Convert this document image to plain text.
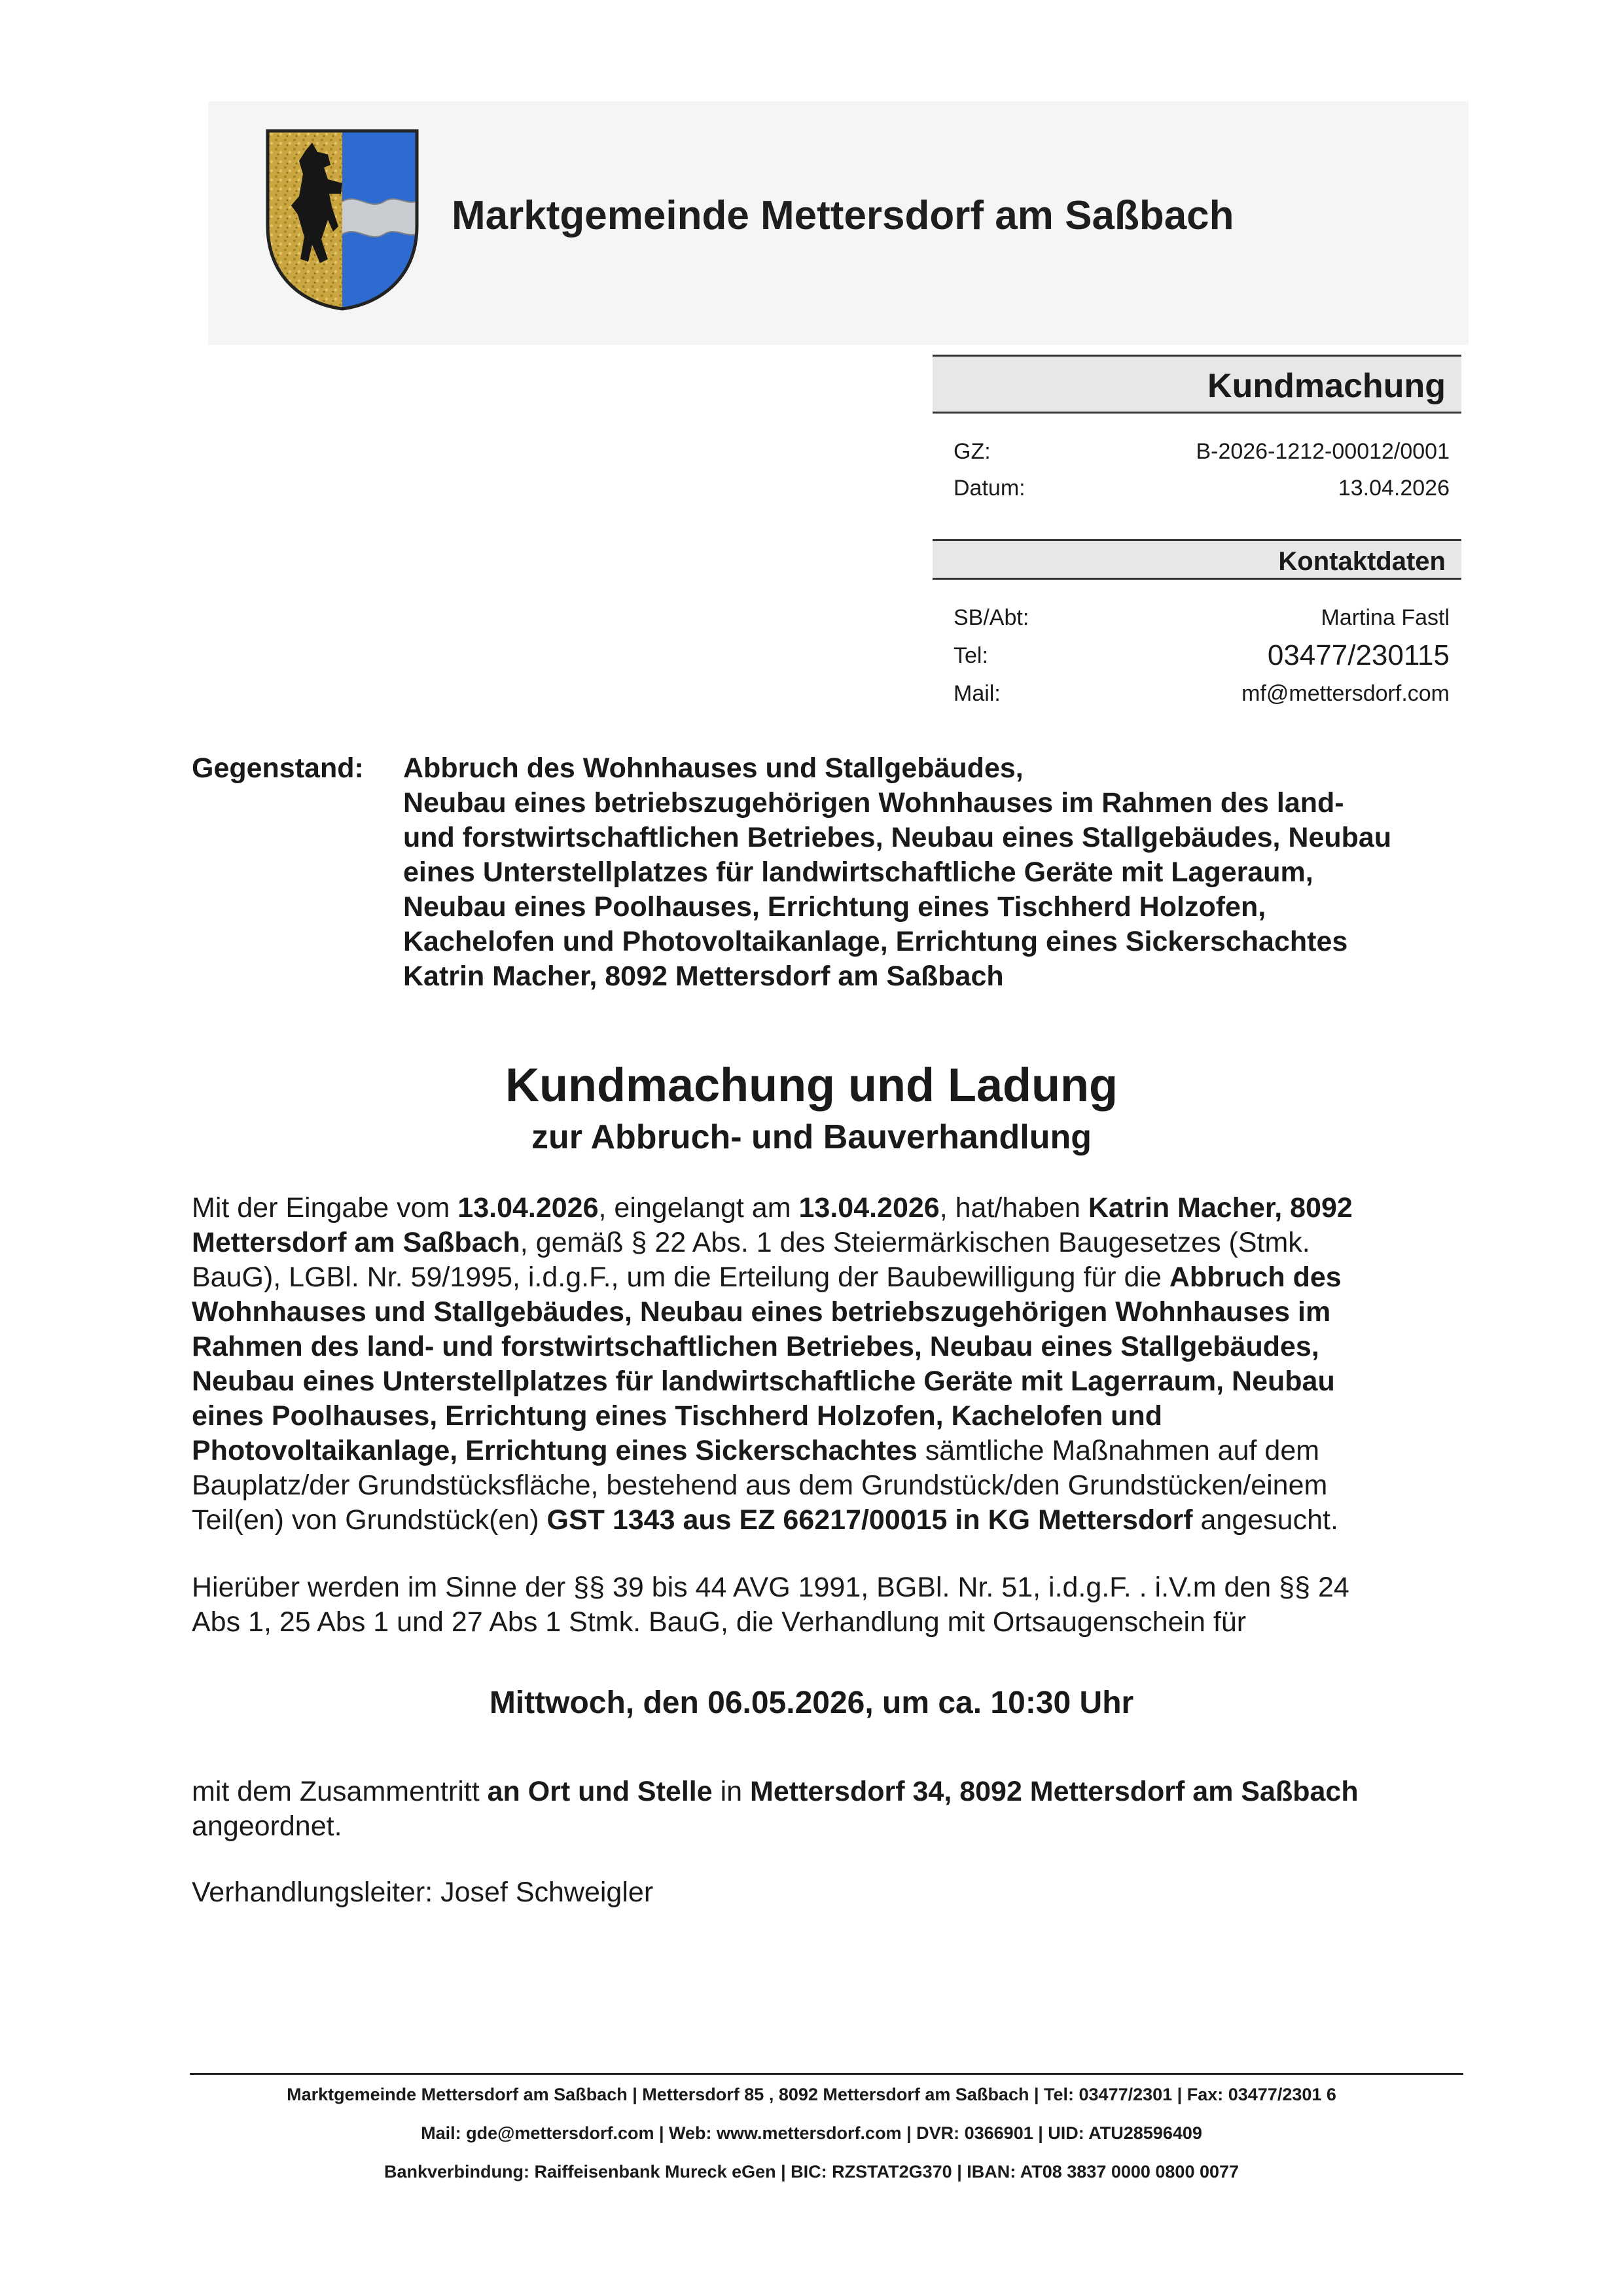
Marktgemeinde Mettersdorf am Saßbach
Kundmachung
GZ:	B-2026-1212-00012/0001
Datum:	13.04.2026
Kontaktdaten
SB/Abt:	Martina Fastl
Tel:	03477/230115
Mail:	mf@mettersdorf.com
Gegenstand: Abbruch des Wohnhauses und Stallgebäudes,
Neubau eines betriebszugehörigen Wohnhauses im Rahmen des land-
und forstwirtschaftlichen Betriebes, Neubau eines Stallgebäudes, Neubau
eines Unterstellplatzes für landwirtschaftliche Geräte mit Lageraum,
Neubau eines Poolhauses, Errichtung eines Tischherd Holzofen,
Kachelofen und Photovoltaikanlage, Errichtung eines Sickerschachtes
Katrin Macher, 8092 Mettersdorf am Saßbach
Kundmachung und Ladung
zur Abbruch- und Bauverhandlung
Mit der Eingabe vom 13.04.2026, eingelangt am 13.04.2026, hat/haben Katrin Macher, 8092
Mettersdorf am Saßbach, gemäß § 22 Abs. 1 des Steiermärkischen Baugesetzes (Stmk.
BauG), LGBl. Nr. 59/1995, i.d.g.F., um die Erteilung der Baubewilligung für die Abbruch des
Wohnhauses und Stallgebäudes, Neubau eines betriebszugehörigen Wohnhauses im
Rahmen des land- und forstwirtschaftlichen Betriebes, Neubau eines Stallgebäudes,
Neubau eines Unterstellplatzes für landwirtschaftliche Geräte mit Lagerraum, Neubau
eines Poolhauses, Errichtung eines Tischherd Holzofen, Kachelofen und
Photovoltaikanlage, Errichtung eines Sickerschachtes sämtliche Maßnahmen auf dem
Bauplatz/der Grundstücksfläche, bestehend aus dem Grundstück/den Grundstücken/einem
Teil(en) von Grundstück(en) GST 1343 aus EZ 66217/00015 in KG Mettersdorf angesucht.
Hierüber werden im Sinne der §§ 39 bis 44 AVG 1991, BGBl. Nr. 51, i.d.g.F. . i.V.m den §§ 24
Abs 1, 25 Abs 1 und 27 Abs 1 Stmk. BauG, die Verhandlung mit Ortsaugenschein für
Mittwoch, den 06.05.2026, um ca. 10:30 Uhr
mit dem Zusammentritt an Ort und Stelle in Mettersdorf 34, 8092 Mettersdorf am Saßbach
angeordnet.
Verhandlungsleiter: Josef Schweigler
Marktgemeinde Mettersdorf am Saßbach | Mettersdorf 85 , 8092 Mettersdorf am Saßbach | Tel: 03477/2301 | Fax: 03477/2301 6
Mail: gde@mettersdorf.com | Web: www.mettersdorf.com | DVR: 0366901 | UID: ATU28596409
Bankverbindung: Raiffeisenbank Mureck eGen | BIC: RZSTAT2G370 | IBAN: AT08 3837 0000 0800 0077
